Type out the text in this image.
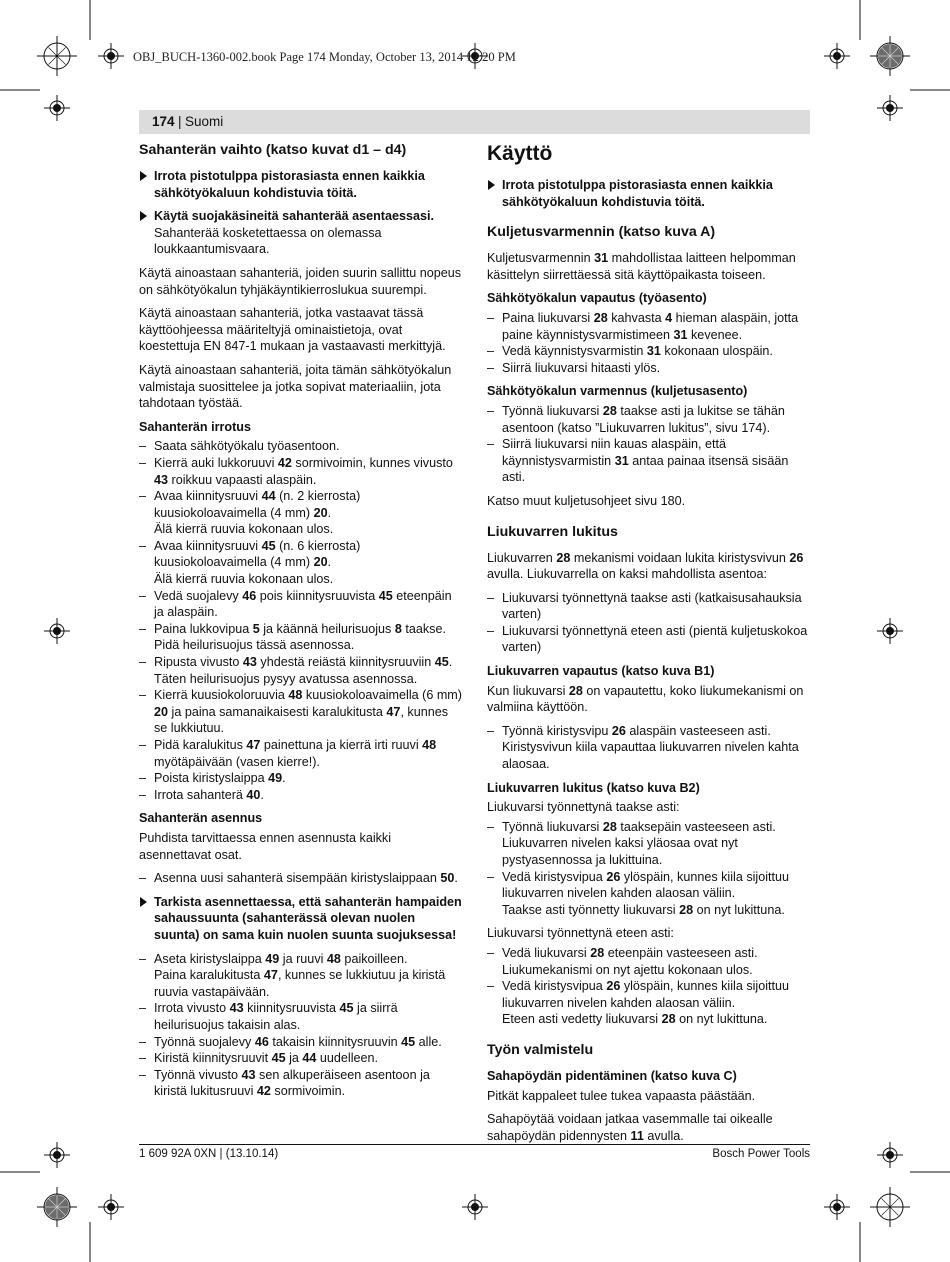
OBJ_BUCH-1360-002.book Page 174 Monday, October 13, 2014 12:20 PM
174 | Suomi
Sahanterän vaihto (katso kuvat d1 – d4)
Irrota pistotulppa pistorasiasta ennen kaikkia sähkötyökaluun kohdistuvia töitä.
Käytä suojakäsineitä sahanterää asentaessasi. Sahanterää kosketettaessa on olemassa loukkaantumisvaara.

Käytä ainoastaan sahanteriä, joiden suurin sallittu nopeus on sähkötyökalun tyhjäkäyntikierroslukua suurempi.

Käytä ainoastaan sahanteriä, jotka vastaavat tässä käyttöohjeessa määriteltyjä ominaistietoja, ovat koestettuja EN 847-1 mukaan ja vastaavasti merkittyjä.

Käytä ainoastaan sahanteriä, joita tämän sähkötyökalun valmistaja suosittelee ja jotka sopivat materiaaliin, jota tahdotaan työstää.

Sahanterän irrotus
– Saata sähkötyökalu työasentoon.
– Kierrä auki lukkoruuvi 42 sormivoimin, kunnes vivusto 43 roikkuu vapaasti alaspäin.
– Avaa kiinnitysruuvi 44 (n. 2 kierrosta) kuusiokoloavaimella (4 mm) 20.
Älä kierrä ruuvia kokonaan ulos.
– Avaa kiinnitysruuvi 45 (n. 6 kierrosta) kuusiokoloavaimella (4 mm) 20.
Älä kierrä ruuvia kokonaan ulos.
– Vedä suojalevy 46 pois kiinnitysruuvista 45 eteenpäin ja alaspäin.
– Paina lukkovipua 5 ja käännä heilurisuojus 8 taakse.
Pidä heilurisuojus tässä asennossa.
– Ripusta vivusto 43 yhdestä reiästä kiinnitysruuviin 45.
Täten heilurisuojus pysyy avatussa asennossa.
– Kierrä kuusiokoloruuvia 48 kuusiokoloavaimella (6 mm) 20 ja paina samanaikaisesti karalukitusta 47, kunnes se lukkiutuu.
– Pidä karalukitus 47 painettuna ja kierrä irti ruuvi 48 myötäpäivään (vasen kierre!).
– Poista kiristyslaippa 49.
– Irrota sahanterä 40.
Sahanterän asennus

Puhdista tarvittaessa ennen asennusta kaikki asennettavat osat.

– Asenna uusi sahanterä sisempään kiristyslaippaan 50.
Tarkista asennettaessa, että sahanterän hampaiden sahaussuunta (sahanterässä olevan nuolen suunta) on sama kuin nuolen suunta suojuksessa!
– Aseta kiristyslaippa 49 ja ruuvi 48 paikoilleen.
Paina karalukitusta 47, kunnes se lukkiutuu ja kiristä ruuvia vastapäivään.
– Irrota vivusto 43 kiinnitysruuvista 45 ja siirrä heilurisuojus takaisin alas.
– Työnnä suojalevy 46 takaisin kiinnitysruuvin 45 alle.
– Kiristä kiinnitysruuvit 45 ja 44 uudelleen.
– Työnnä vivusto 43 sen alkuperäiseen asentoon ja kiristä lukitusruuvi 42 sormivoimin.
Käyttö
Irrota pistotulppa pistorasiasta ennen kaikkia sähkötyökaluun kohdistuvia töitä.
Kuljetusvarmennin (katso kuva A)

Kuljetusvarmennin 31 mahdollistaa laitteen helpomman käsittelyn siirrettäessä sitä käyttöpaikasta toiseen.

Sähkötyökalun vapautus (työasento)
– Paina liukuvarsi 28 kahvasta 4 hieman alaspäin, jotta paine käynnistysvarmistimeen 31 kevenee.
– Vedä käynnistysvarmistin 31 kokonaan ulospäin.
– Siirrä liukuvarsi hitaasti ylös.
Sähkötyökalun varmennus (kuljetusasento)
– Työnnä liukuvarsi 28 taakse asti ja lukitse se tähän asentoon (katso ”Liukuvarren lukitus”, sivu 174).
– Siirrä liukuvarsi niin kauas alaspäin, että käynnistysvarmistin 31 antaa painaa itsensä sisään asti.

Katso muut kuljetusohjeet sivu 180.

Liukuvarren lukitus

Liukuvarren 28 mekanismi voidaan lukita kiristysvivun 26 avulla. Liukuvarrella on kaksi mahdollista asentoa:

– Liukuvarsi työnnettynä taakse asti (katkaisusahauksia varten)
– Liukuvarsi työnnettynä eteen asti (pientä kuljetuskokoa varten)
Liukuvarren vapautus (katso kuva B1)

Kun liukuvarsi 28 on vapautettu, koko liukumekanismi on valmiina käyttöön.

– Työnnä kiristysvipu 26 alaspäin vasteeseen asti.
Kiristysvivun kiila vapauttaa liukuvarren nivelen kahta alaosaa.
Liukuvarren lukitus (katso kuva B2)

Liukuvarsi työnnettynä taakse asti:

– Työnnä liukuvarsi 28 taaksepäin vasteeseen asti.
Liukuvarren nivelen kaksi yläosaa ovat nyt pystyasennossa ja lukittuina.
– Vedä kiristysvipua 26 ylöspäin, kunnes kiila sijoittuu liukuvarren nivelen kahden alaosan väliin.
Taakse asti työnnetty liukuvarsi 28 on nyt lukittuna.

Liukuvarsi työnnettynä eteen asti:

– Vedä liukuvarsi 28 eteenpäin vasteeseen asti.
Liukumekanismi on nyt ajettu kokonaan ulos.
– Vedä kiristysvipua 26 ylöspäin, kunnes kiila sijoittuu liukuvarren nivelen kahden alaosan väliin.
Eteen asti vedetty liukuvarsi 28 on nyt lukittuna.
Työn valmistelu
Sahapöydän pidentäminen (katso kuva C)

Pitkät kappaleet tulee tukea vapaasta päästään.

Sahapöytää voidaan jatkaa vasemmalle tai oikealle sahapöydän pidennysten 11 avulla.

1 609 92A 0XN | (13.10.14)	Bosch Power Tools
